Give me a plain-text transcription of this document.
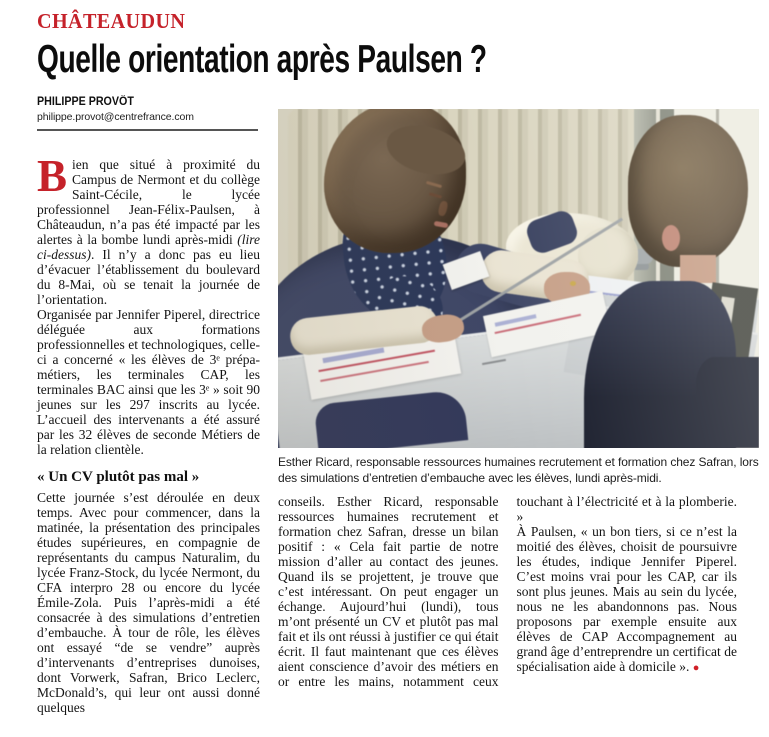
CHÂTEAUDUN Quelle orientation après Paulsen ?
PHILIPPE PROVÔT
philippe.provot@centrefrance.com

Bien que situé à proximité du Campus de Nermont et du collège Saint-Cécile, le lycée professionnel Jean-Félix-Paulsen, à Châteaudun, n’a pas été impacté par les alertes à la bombe lundi après-midi (lire ci-dessus). Il n’y a donc pas eu lieu d’évacuer l’établissement du boulevard du 8-Mai, où se tenait la journée de l’orientation.

Organisée par Jennifer Piperel, directrice déléguée aux formations professionnelles et technologiques, celle-ci a concerné « les élèves de 3ᵉ prépa-métiers, les terminales CAP, les terminales BAC ainsi que les 3ᵉ » soit 90 jeunes sur les 297 inscrits au lycée. L’accueil des intervenants a été assuré par les 32 élèves de seconde Métiers de la relation clientèle.

« Un CV plutôt pas mal »

Cette journée s’est déroulée en deux temps. Avec pour commencer, dans la matinée, la présentation des principales études supérieures, en compagnie de représentants du campus Naturalim, du lycée Franz-Stock, du lycée Nermont, du CFA interpro 28 ou encore du lycée Émile-Zola. Puis l’après-midi a été consacrée à des simulations d’entretien d’embauche. À tour de rôle, les élèves ont essayé “de se vendre” auprès d’intervenants d’entreprises dunoises, dont Vorwerk, Safran, Brico Leclerc, McDonald’s, qui leur ont aussi donné quelques

Esther Ricard, responsable ressources humaines recrutement et formation chez Safran, lors des simulations d’entretien d’embauche avec les élèves, lundi après-midi.

conseils. Esther Ricard, responsable ressources humaines recrutement et formation chez Safran, dresse un bilan positif : « Cela fait partie de notre mission d’aller au contact des jeunes. Quand ils se projettent, je trouve que c’est intéressant. On peut engager un échange. Aujourd’hui (lundi), tous m’ont présenté un CV et plutôt pas mal fait et ils ont réussi à justifier ce qui était écrit. Il faut maintenant que ces élèves aient conscience d’avoir des métiers en or entre les mains, notamment ceux touchant à l’électricité et à la plomberie. »

À Paulsen, « un bon tiers, si ce n’est la moitié des élèves, choisit de poursuivre les études, indique Jennifer Piperel. C’est moins vrai pour les CAP, car ils sont plus jeunes. Mais au sein du lycée, nous ne les abandonnons pas. Nous proposons par exemple ensuite aux élèves de CAP Accompagnement au grand âge d’entreprendre un certificat de spécialisation aide à domicile ». ●
